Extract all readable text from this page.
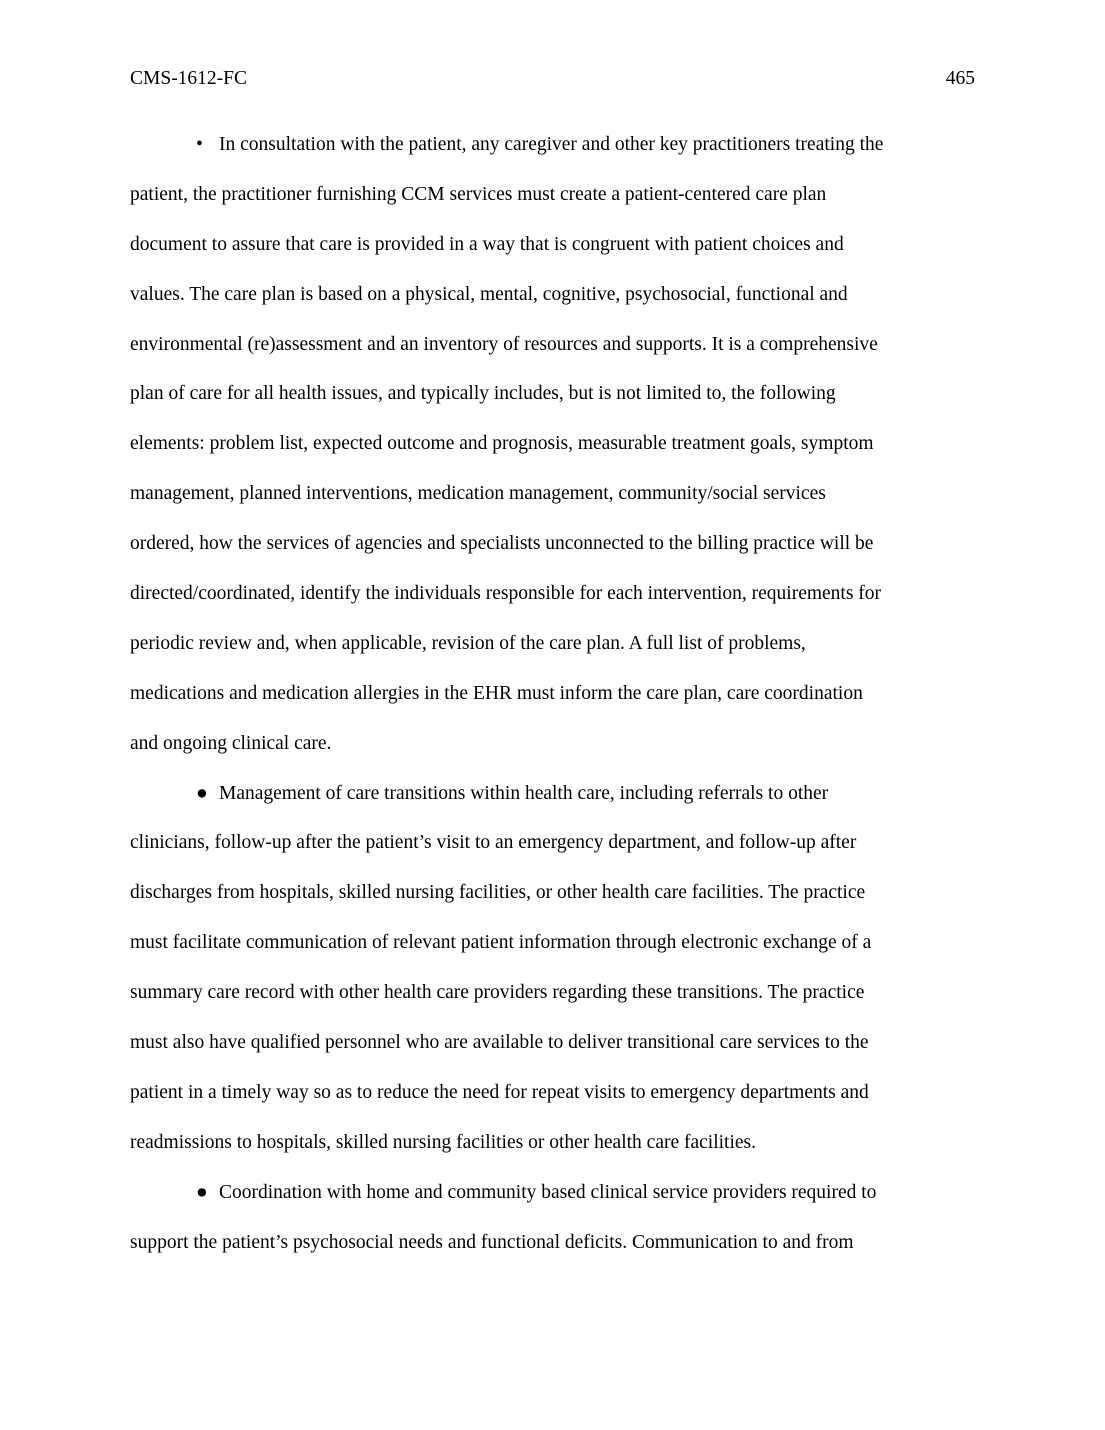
CMS-1612-FC	465
• In consultation with the patient, any caregiver and other key practitioners treating the
patient, the practitioner furnishing CCM services must create a patient-centered care plan
document to assure that care is provided in a way that is congruent with patient choices and
values. The care plan is based on a physical, mental, cognitive, psychosocial, functional and
environmental (re)assessment and an inventory of resources and supports. It is a comprehensive
plan of care for all health issues, and typically includes, but is not limited to, the following
elements: problem list, expected outcome and prognosis, measurable treatment goals, symptom
management, planned interventions, medication management, community/social services
ordered, how the services of agencies and specialists unconnected to the billing practice will be
directed/coordinated, identify the individuals responsible for each intervention, requirements for
periodic review and, when applicable, revision of the care plan. A full list of problems,
medications and medication allergies in the EHR must inform the care plan, care coordination
and ongoing clinical care.
● Management of care transitions within health care, including referrals to other
clinicians, follow-up after the patient’s visit to an emergency department, and follow-up after
discharges from hospitals, skilled nursing facilities, or other health care facilities. The practice
must facilitate communication of relevant patient information through electronic exchange of a
summary care record with other health care providers regarding these transitions. The practice
must also have qualified personnel who are available to deliver transitional care services to the
patient in a timely way so as to reduce the need for repeat visits to emergency departments and
readmissions to hospitals, skilled nursing facilities or other health care facilities.
● Coordination with home and community based clinical service providers required to
support the patient’s psychosocial needs and functional deficits. Communication to and from
